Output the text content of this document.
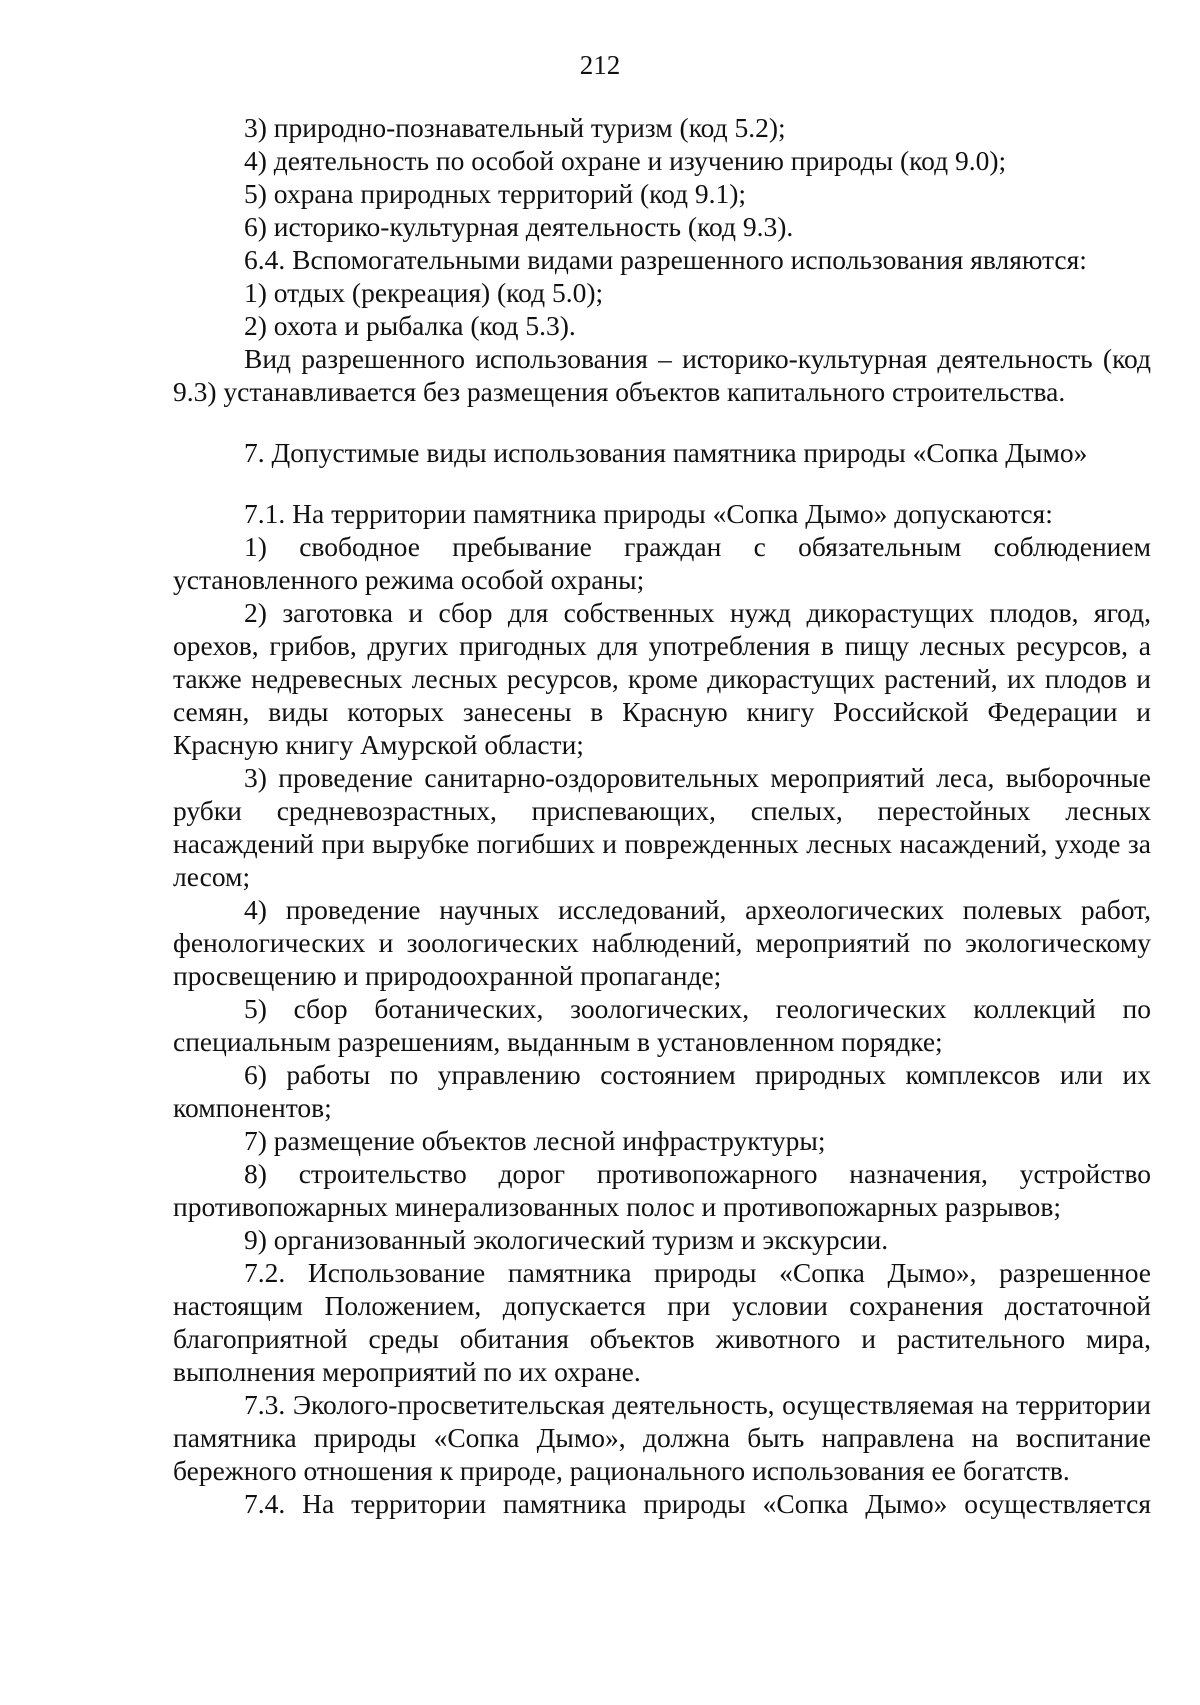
212

3) природно-познавательный туризм (код 5.2);

4) деятельность по особой охране и изучению природы (код 9.0);

5) охрана природных территорий (код 9.1);

6) историко-культурная деятельность (код 9.3).

6.4. Вспомогательными видами разрешенного использования являются:

1) отдых (рекреация) (код 5.0);

2) охота и рыбалка (код 5.3).

Вид разрешенного использования – историко-культурная деятельность (код 9.3) устанавливается без размещения объектов капитального строительства.

7. Допустимые виды использования памятника природы «Сопка Дымо»

7.1. На территории памятника природы «Сопка Дымо» допускаются:

1) свободное пребывание граждан с обязательным соблюдением установленного режима особой охраны;

2) заготовка и сбор для собственных нужд дикорастущих плодов, ягод, орехов, грибов, других пригодных для употребления в пищу лесных ресурсов, а также недревесных лесных ресурсов, кроме дикорастущих растений, их плодов и семян, виды которых занесены в Красную книгу Российской Федерации и Красную книгу Амурской области;

3) проведение санитарно-оздоровительных мероприятий леса, выборочные рубки средневозрастных, приспевающих, спелых, перестойных лесных насаждений при вырубке погибших и поврежденных лесных насаждений, уходе за лесом;

4) проведение научных исследований, археологических полевых работ, фенологических и зоологических наблюдений, мероприятий по экологическому просвещению и природоохранной пропаганде;

5) сбор ботанических, зоологических, геологических коллекций по специальным разрешениям, выданным в установленном порядке;

6) работы по управлению состоянием природных комплексов или их компонентов;

7) размещение объектов лесной инфраструктуры;

8) строительство дорог противопожарного назначения, устройство противопожарных минерализованных полос и противопожарных разрывов;

9) организованный экологический туризм и экскурсии.

7.2. Использование памятника природы «Сопка Дымо», разрешенное настоящим Положением, допускается при условии сохранения достаточной благоприятной среды обитания объектов животного и растительного мира, выполнения мероприятий по их охране.

7.3. Эколого-просветительская деятельность, осуществляемая на территории памятника природы «Сопка Дымо», должна быть направлена на воспитание бережного отношения к природе, рационального использования ее богатств.

7.4. На территории памятника природы «Сопка Дымо» осуществляется
